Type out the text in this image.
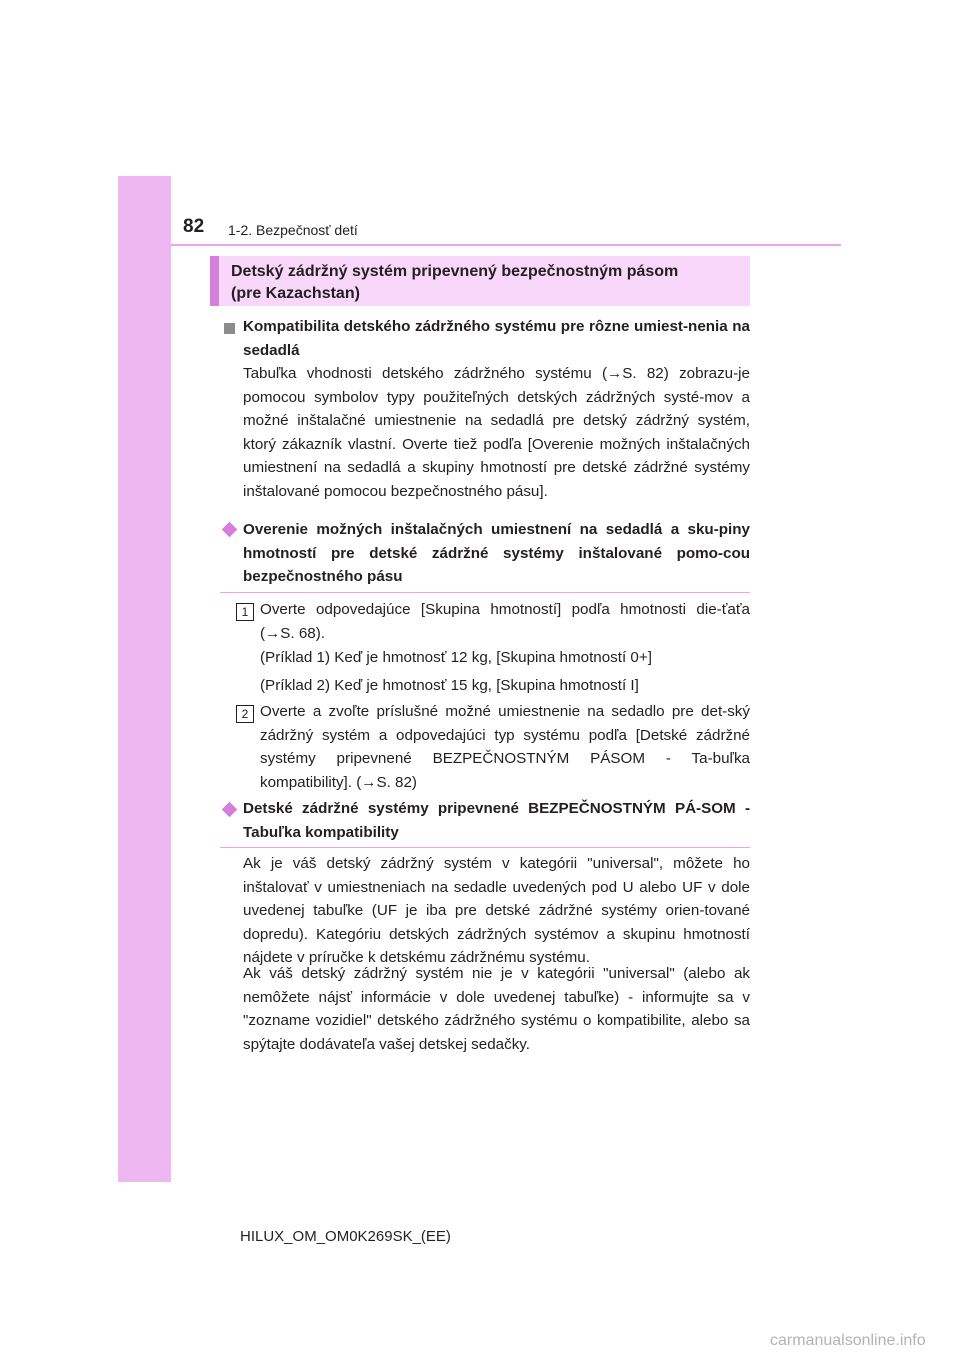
82 1-2. Bezpečnosť detí
Detský zádržný systém pripevnený bezpečnostným pásom
(pre Kazachstan)
Kompatibilita detského zádržného systému pre rôzne umiest-nenia na sedadlá
Tabuľka vhodnosti detského zádržného systému (→S. 82) zobrazu-je pomocou symbolov typy použiteľných detských zádržných systé-mov a možné inštalačné umiestnenie na sedadlá pre detský zádržný systém, ktorý zákazník vlastní. Overte tiež podľa [Overenie možných inštalačných umiestnení na sedadlá a skupiny hmotností pre detské zádržné systémy inštalované pomocou bezpečnostného pásu].
Overenie možných inštalačných umiestnení na sedadlá a sku-piny hmotností pre detské zádržné systémy inštalované pomo-cou bezpečnostného pásu
1 Overte odpovedajúce [Skupina hmotností] podľa hmotnosti die-ťaťa (→S. 68).
(Príklad 1) Keď je hmotnosť 12 kg, [Skupina hmotností 0+]
(Príklad 2) Keď je hmotnosť 15 kg, [Skupina hmotností I]
2 Overte a zvoľte príslušné možné umiestnenie na sedadlo pre det-ský zádržný systém a odpovedajúci typ systému podľa [Detské zádržné systémy pripevnené BEZPEČNOSTNÝM PÁSOM - Ta-buľka kompatibility]. (→S. 82)
Detské zádržné systémy pripevnené BEZPEČNOSTNÝM PÁ-SOM - Tabuľka kompatibility
Ak je váš detský zádržný systém v kategórii "universal", môžete ho inštalovať v umiestneniach na sedadle uvedených pod U alebo UF v dole uvedenej tabuľke (UF je iba pre detské zádržné systémy orien-tované dopredu). Kategóriu detských zádržných systémov a skupinu hmotností nájdete v príručke k detskému zádržnému systému.
Ak váš detský zádržný systém nie je v kategórii "universal" (alebo ak nemôžete nájsť informácie v dole uvedenej tabuľke) - informujte sa v "zozname vozidiel" detského zádržného systému o kompatibilite, alebo sa spýtajte dodávateľa vašej detskej sedačky.
HILUX_OM_OM0K269SK_(EE)
carmanualsonline.info
